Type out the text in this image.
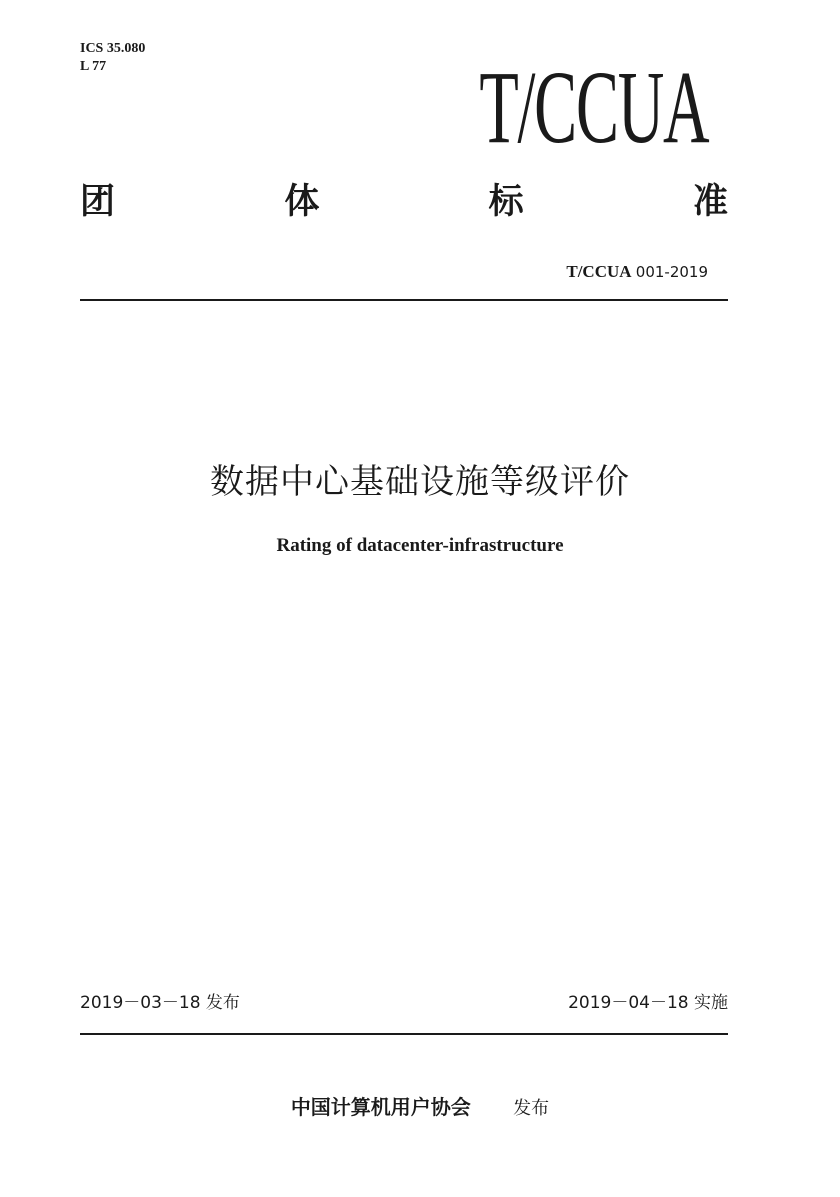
ICS 35.080
L 77	T/CCUA
团	体	标	准
T/CCUA 001-2019
数据中心基础设施等级评价
Rating of datacenter-infrastructure
2019－03－18 发布	2019－04－18 实施
中国计算机用户协会 发布
